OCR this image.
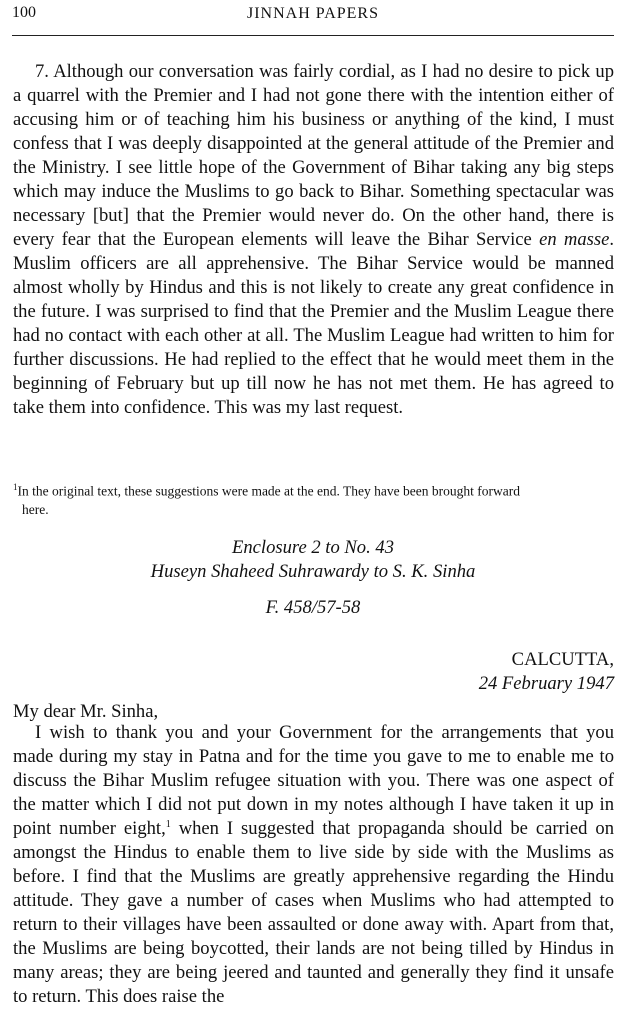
100	JINNAH PAPERS

7. Although our conversation was fairly cordial, as I had no desire to pick up a quarrel with the Premier and I had not gone there with the intention either of accusing him or of teaching him his business or anything of the kind, I must confess that I was deeply disappointed at the general attitude of the Premier and the Ministry. I see little hope of the Government of Bihar taking any big steps which may induce the Muslims to go back to Bihar. Something spectacular was necessary [but] that the Premier would never do. On the other hand, there is every fear that the European elements will leave the Bihar Service en masse. Muslim officers are all apprehensive. The Bihar Service would be manned almost wholly by Hindus and this is not likely to create any great confidence in the future. I was surprised to find that the Premier and the Muslim League there had no contact with each other at all. The Muslim League had written to him for further discussions. He had replied to the effect that he would meet them in the beginning of February but up till now he has not met them. He has agreed to take them into confidence. This was my last request.

$^1$In the original text, these suggestions were made at the end. They have been brought forward
here.

Enclosure 2 to No. 43

Huseyn Shaheed Suhrawardy to S. K. Sinha

F. 458/57-58

CALCUTTA,

24 February 1947

My dear Mr. Sinha,

I wish to thank you and your Government for the arrangements that you made during my stay in Patna and for the time you gave to me to enable me to discuss the Bihar Muslim refugee situation with you. There was one aspect of the matter which I did not put down in my notes although I have taken it up in point number eight,$^1$ when I suggested that propaganda should be carried on amongst the Hindus to enable them to live side by side with the Muslims as before. I find that the Muslims are greatly apprehensive regarding the Hindu attitude. They gave a number of cases when Muslims who had attempted to return to their villages have been assaulted or done away with. Apart from that, the Muslims are being boycotted, their lands are not being tilled by Hindus in many areas; they are being jeered and taunted and generally they find it unsafe to return. This does raise the
